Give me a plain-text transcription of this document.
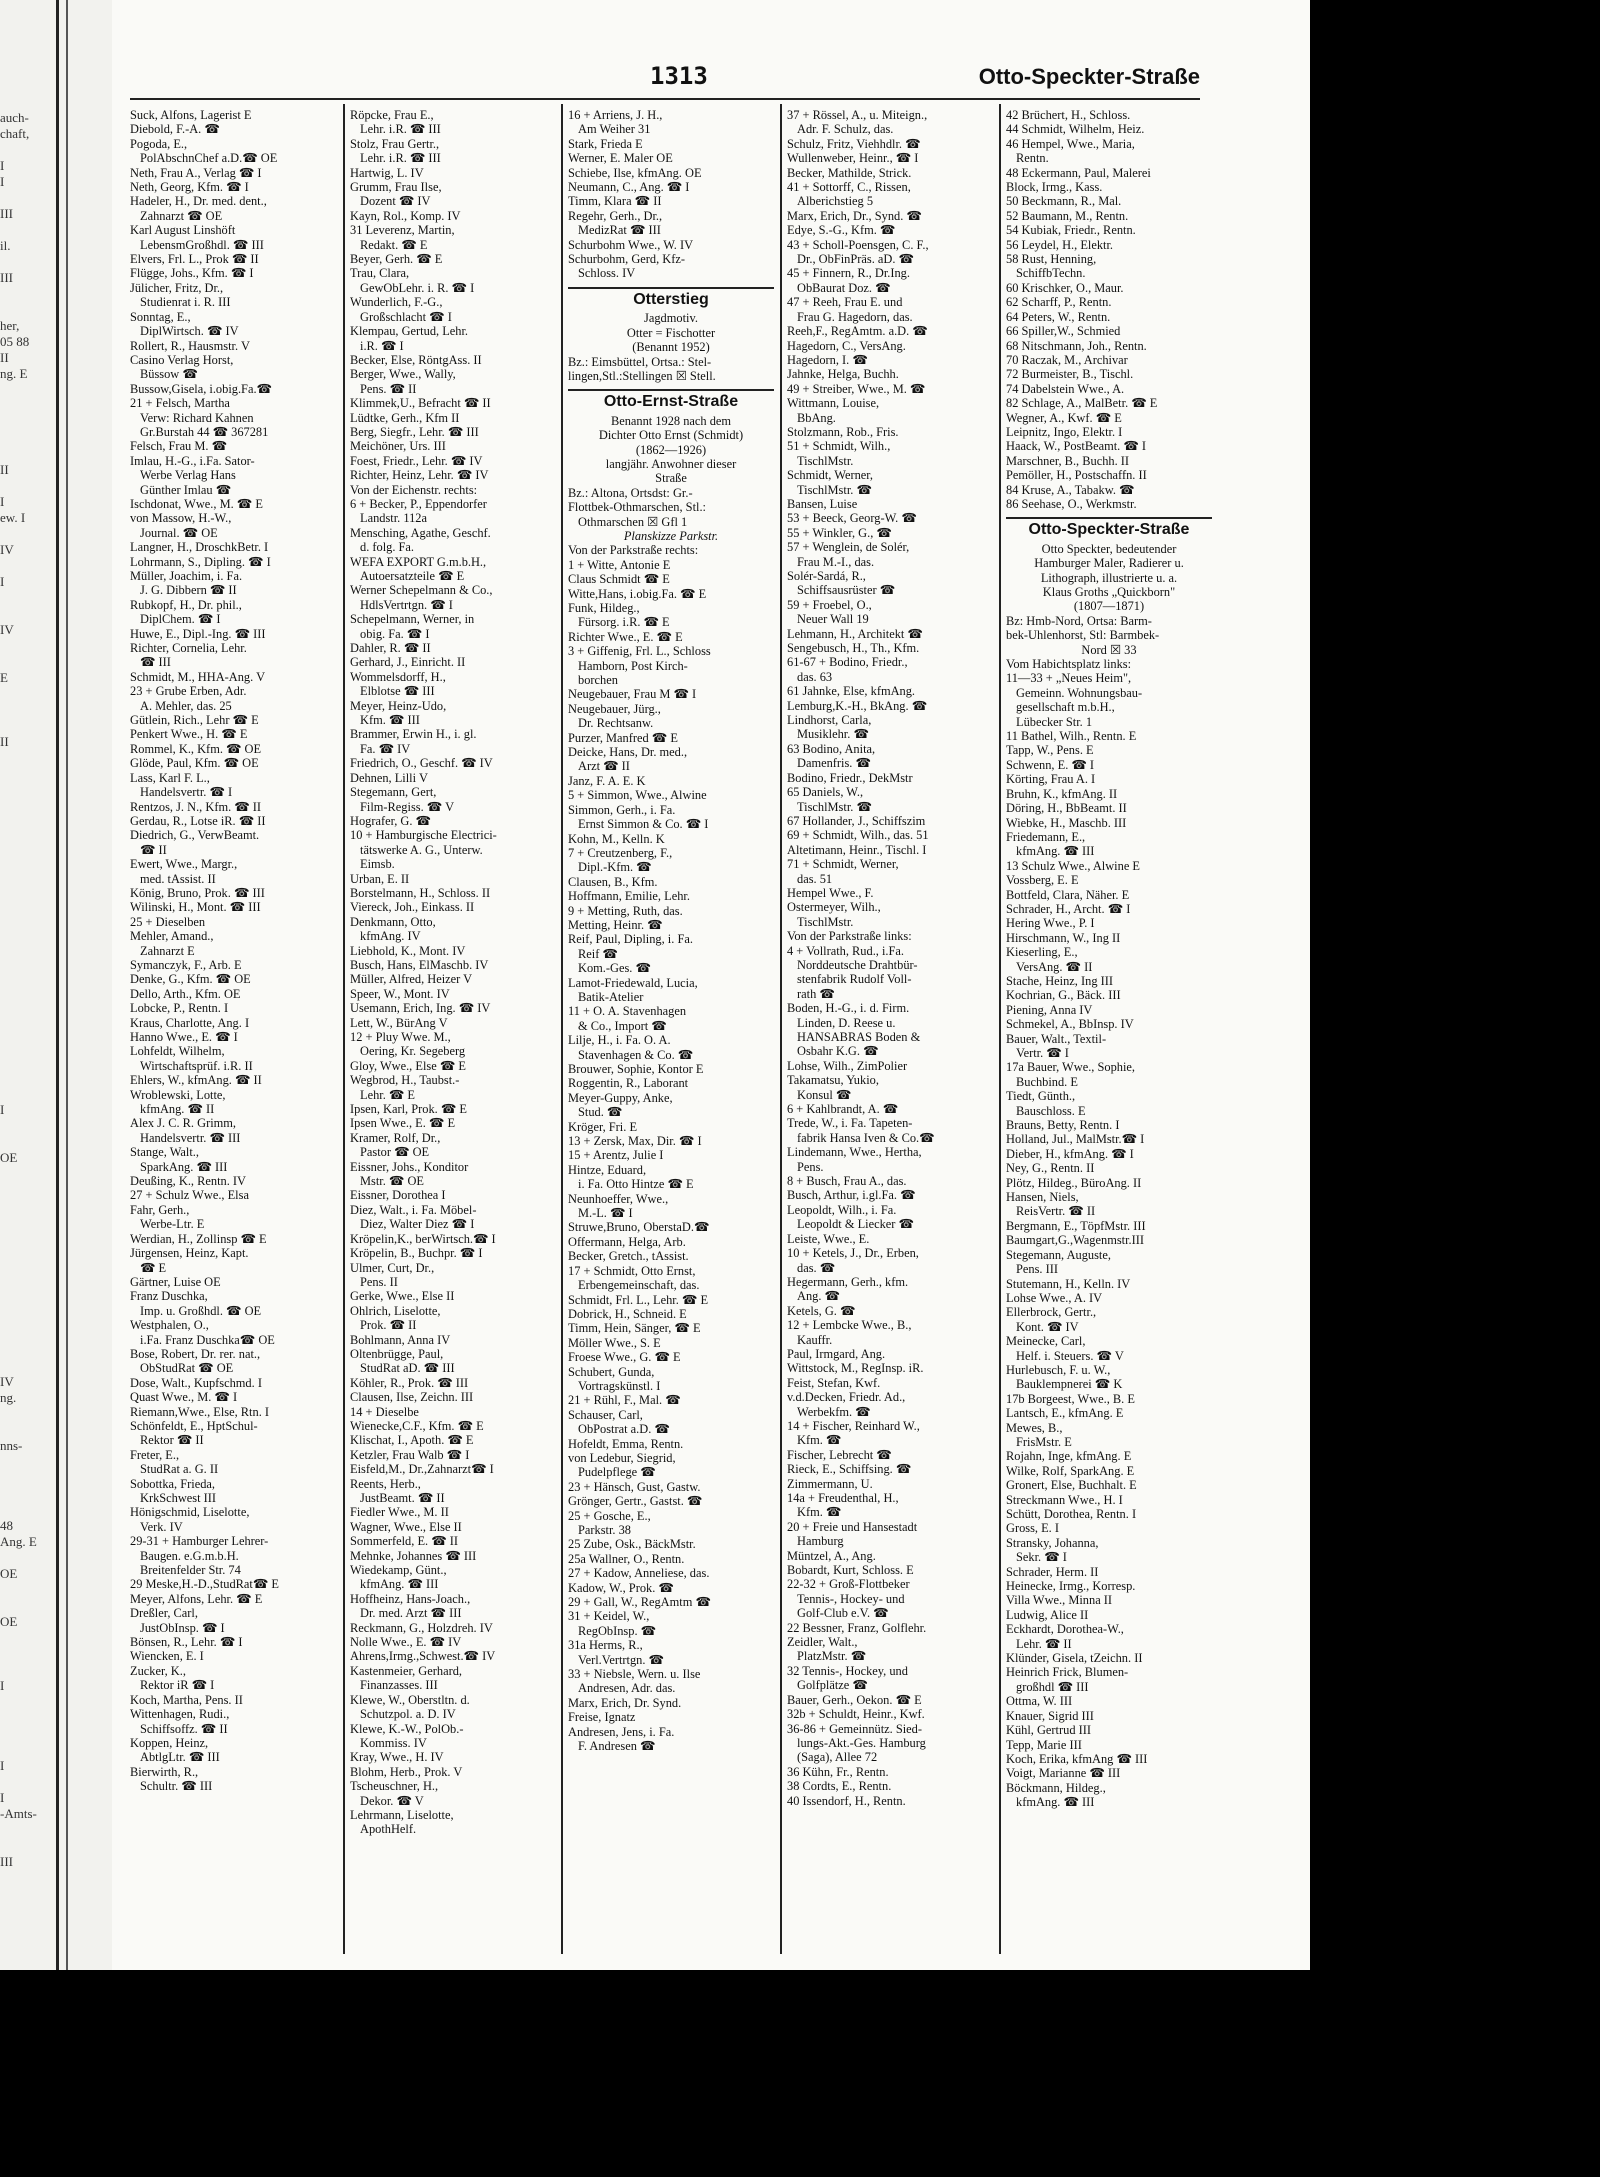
auch-
chaft,

I
I

III

il.

III

her,
05 88
II
ng. E

II

I
ew. I

IV

I

IV

E

II

I

OE

IV
ng.

nns-

48
Ang. E

OE

OE

I

I

I
-Amts-

III

1313	Otto-Speckter-Straße
Suck, Alfons, Lagerist E
Diebold, F.-A. ☎
Pogoda, E.,
PolAbschnChef a.D.☎ OE
Neth, Frau A., Verlag ☎ I
Neth, Georg, Kfm. ☎ I
Hadeler, H., Dr. med. dent.,
Zahnarzt ☎ OE
Karl August Linshöft
LebensmGroßhdl. ☎ III
Elvers, Frl. L., Prok ☎ II
Flügge, Johs., Kfm. ☎ I
Jülicher, Fritz, Dr.,
Studienrat i. R. III
Sonntag, E.,
DiplWirtsch. ☎ IV
Rollert, R., Hausmstr. V
Casino Verlag Horst,
Büssow ☎
Bussow,Gisela, i.obig.Fa.☎
21 + Felsch, Martha
Verw: Richard Kahnen
Gr.Burstah 44 ☎ 367281
Felsch, Frau M. ☎
Imlau, H.-G., i.Fa. Sator-
Werbe Verlag Hans
Günther Imlau ☎
Ischdonat, Wwe., M. ☎ E
von Massow, H.-W.,
Journal. ☎ OE
Langner, H., DroschkBetr. I
Lohrmann, S., Dipling. ☎ I
Müller, Joachim, i. Fa.
J. G. Dibbern ☎ II
Rubkopf, H., Dr. phil.,
DiplChem. ☎ I
Huwe, E., Dipl.-Ing. ☎ III
Richter, Cornelia, Lehr.
☎ III
Schmidt, M., HHA-Ang. V
23 + Grube Erben, Adr.
A. Mehler, das. 25
Gütlein, Rich., Lehr ☎ E
Penkert Wwe., H. ☎ E
Rommel, K., Kfm. ☎ OE
Glöde, Paul, Kfm. ☎ OE
Lass, Karl F. L.,
Handelsvertr. ☎ I
Rentzos, J. N., Kfm. ☎ II
Gerdau, R., Lotse iR. ☎ II
Diedrich, G., VerwBeamt.
☎ II
Ewert, Wwe., Margr.,
med. tAssist. II
König, Bruno, Prok. ☎ III
Wilinski, H., Mont. ☎ III
25 + Dieselben
Mehler, Amand.,
Zahnarzt E
Symanczyk, F., Arb. E
Denke, G., Kfm. ☎ OE
Dello, Arth., Kfm. OE
Lobcke, P., Rentn. I
Kraus, Charlotte, Ang. I
Hanno Wwe., E. ☎ I
Lohfeldt, Wilhelm,
Wirtschaftsprüf. i.R. II
Ehlers, W., kfmAng. ☎ II
Wroblewski, Lotte,
kfmAng. ☎ II
Alex J. C. R. Grimm,
Handelsvertr. ☎ III
Stange, Walt.,
SparkAng. ☎ III
Deußing, K., Rentn. IV
27 + Schulz Wwe., Elsa
Fahr, Gerh.,
Werbe-Ltr. E
Werdian, H., Zollinsp ☎ E
Jürgensen, Heinz, Kapt.
☎ E
Gärtner, Luise OE
Franz Duschka,
Imp. u. Großhdl. ☎ OE
Westphalen, O.,
i.Fa. Franz Duschka☎ OE
Bose, Robert, Dr. rer. nat.,
ObStudRat ☎ OE
Dose, Walt., Kupfschmd. I
Quast Wwe., M. ☎ I
Riemann,Wwe., Else, Rtn. I
Schönfeldt, E., HptSchul-
Rektor ☎ II
Freter, E.,
StudRat a. G. II
Sobottka, Frieda,
KrkSchwest III
Hönigschmid, Liselotte,
Verk. IV
29-31 + Hamburger Lehrer-
Baugen. e.G.m.b.H.
Breitenfelder Str. 74
29 Meske,H.-D.,StudRat☎ E
Meyer, Alfons, Lehr. ☎ E
Dreßler, Carl,
JustObInsp. ☎ I
Bönsen, R., Lehr. ☎ I
Wiencken, E. I
Zucker, K.,
Rektor iR ☎ I
Koch, Martha, Pens. II
Wittenhagen, Rudi.,
Schiffsoffz. ☎ II
Koppen, Heinz,
AbtlgLtr. ☎ III
Bierwirth, R.,
Schultr. ☎ III
Röpcke, Frau E.,
Lehr. i.R. ☎ III
Stolz, Frau Gertr.,
Lehr. i.R. ☎ III
Hartwig, L. IV
Grumm, Frau Ilse,
Dozent ☎ IV
Kayn, Rol., Komp. IV
31 Leverenz, Martin,
Redakt. ☎ E
Beyer, Gerh. ☎ E
Trau, Clara,
GewObLehr. i. R. ☎ I
Wunderlich, F.-G.,
Großschlacht ☎ I
Klempau, Gertud, Lehr.
i.R. ☎ I
Becker, Else, RöntgAss. II
Berger, Wwe., Wally,
Pens. ☎ II
Klimmek,U., Befracht ☎ II
Lüdtke, Gerh., Kfm II
Berg, Siegfr., Lehr. ☎ III
Meichöner, Urs. III
Foest, Friedr., Lehr. ☎ IV
Richter, Heinz, Lehr. ☎ IV
Von der Eichenstr. rechts:
6 + Becker, P., Eppendorfer
Landstr. 112a
Mensching, Agathe, Geschf.
d. folg. Fa.
WEFA EXPORT G.m.b.H.,
Autoersatzteile ☎ E
Werner Schepelmann & Co.,
HdlsVertrtgn. ☎ I
Schepelmann, Werner, in
obig. Fa. ☎ I
Dahler, R. ☎ II
Gerhard, J., Einricht. II
Wommelsdorff, H.,
Elblotse ☎ III
Meyer, Heinz-Udo,
Kfm. ☎ III
Brammer, Erwin H., i. gl.
Fa. ☎ IV
Friedrich, O., Geschf. ☎ IV
Dehnen, Lilli V
Stegemann, Gert,
Film-Regiss. ☎ V
Hografer, G. ☎
10 + Hamburgische Electrici-
tätswerke A. G., Unterw.
Eimsb.
Urban, E. II
Borstelmann, H., Schloss. II
Viereck, Joh., Einkass. II
Denkmann, Otto,
kfmAng. IV
Liebhold, K., Mont. IV
Busch, Hans, ElMaschb. IV
Müller, Alfred, Heizer V
Speer, W., Mont. IV
Usemann, Erich, Ing. ☎ IV
Lett, W., BürAng V
12 + Pluy Wwe. M.,
Oering, Kr. Segeberg
Gloy, Wwe., Else ☎ E
Wegbrod, H., Taubst.-
Lehr. ☎ E
Ipsen, Karl, Prok. ☎ E
Ipsen Wwe., E. ☎ E
Kramer, Rolf, Dr.,
Pastor ☎ OE
Eissner, Johs., Konditor
Mstr. ☎ OE
Eissner, Dorothea I
Diez, Walt., i. Fa. Möbel-
Diez, Walter Diez ☎ I
Kröpelin,K., berWirtsch.☎ I
Kröpelin, B., Buchpr. ☎ I
Ulmer, Curt, Dr.,
Pens. II
Gerke, Wwe., Else II
Ohlrich, Liselotte,
Prok. ☎ II
Bohlmann, Anna IV
Oltenbrügge, Paul,
StudRat aD. ☎ III
Köhler, R., Prok. ☎ III
Clausen, Ilse, Zeichn. III
14 + Dieselbe
Wienecke,C.F., Kfm. ☎ E
Klischat, I., Apoth. ☎ E
Ketzler, Frau Walb ☎ I
Eisfeld,M., Dr.,Zahnarzt☎ I
Reents, Herb.,
JustBeamt. ☎ II
Fiedler Wwe., M. II
Wagner, Wwe., Else II
Sommerfeld, E. ☎ II
Mehnke, Johannes ☎ III
Wiedekamp, Günt.,
kfmAng. ☎ III
Hoffheinz, Hans-Joach.,
Dr. med. Arzt ☎ III
Reckmann, G., Holzdreh. IV
Nolle Wwe., E. ☎ IV
Ahrens,Irmg.,Schwest.☎ IV
Kastenmeier, Gerhard,
Finanzasses. III
Klewe, W., Oberstltn. d.
Schutzpol. a. D. IV
Klewe, K.-W., PolOb.-
Kommiss. IV
Kray, Wwe., H. IV
Blohm, Herb., Prok. V
Tscheuschner, H.,
Dekor. ☎ V
Lehrmann, Liselotte,
ApothHelf.
16 + Arriens, J. H.,
Am Weiher 31
Stark, Frieda E
Werner, E. Maler OE
Schiebe, Ilse, kfmAng. OE
Neumann, C., Ang. ☎ I
Timm, Klara ☎ II
Regehr, Gerh., Dr.,
MedizRat ☎ III
Schurbohm Wwe., W. IV
Schurbohm, Gerd, Kfz-
Schloss. IV
Otterstieg
Jagdmotiv.
Otter = Fischotter
(Benannt 1952)
Bz.: Eimsbüttel, Ortsa.: Stel-
lingen,Stl.:Stellingen ☒ Stell.
Otto-Ernst-Straße
Benannt 1928 nach dem
Dichter Otto Ernst (Schmidt)
(1862—1926)
langjähr. Anwohner dieser
Straße
Bz.: Altona, Ortsdst: Gr.-
Flottbek-Othmarschen, Stl.:
Othmarschen ☒ Gfl 1
Planskizze Parkstr.
Von der Parkstraße rechts:
1 + Witte, Antonie E
Claus Schmidt ☎ E
Witte,Hans, i.obig.Fa. ☎ E
Funk, Hildeg.,
Fürsorg. i.R. ☎ E
Richter Wwe., E. ☎ E
3 + Giffenig, Frl. L., Schloss
Hamborn, Post Kirch-
borchen
Neugebauer, Frau M ☎ I
Neugebauer, Jürg.,
Dr. Rechtsanw.
Purzer, Manfred ☎ E
Deicke, Hans, Dr. med.,
Arzt ☎ II
Janz, F. A. E. K
5 + Simmon, Wwe., Alwine
Simmon, Gerh., i. Fa.
Ernst Simmon & Co. ☎ I
Kohn, M., Kelln. K
7 + Creutzenberg, F.,
Dipl.-Kfm. ☎
Clausen, B., Kfm.
Hoffmann, Emilie, Lehr.
9 + Metting, Ruth, das.
Metting, Heinr. ☎
Reif, Paul, Dipling, i. Fa.
Reif ☎
Kom.-Ges. ☎
Lamot-Friedewald, Lucia,
Batik-Atelier
11 + O. A. Stavenhagen
& Co., Import ☎
Lilje, H., i. Fa. O. A.
Stavenhagen & Co. ☎
Brouwer, Sophie, Kontor E
Roggentin, R., Laborant
Meyer-Guppy, Anke,
Stud. ☎
Kröger, Fri. E
13 + Zersk, Max, Dir. ☎ I
15 + Arentz, Julie I
Hintze, Eduard,
i. Fa. Otto Hintze ☎ E
Neunhoeffer, Wwe.,
M.-L. ☎ I
Struwe,Bruno, OberstaD.☎
Offermann, Helga, Arb.
Becker, Gretch., tAssist.
17 + Schmidt, Otto Ernst,
Erbengemeinschaft, das.
Schmidt, Frl. L., Lehr. ☎ E
Dobrick, H., Schneid. E
Timm, Hein, Sänger, ☎ E
Möller Wwe., S. E
Froese Wwe., G. ☎ E
Schubert, Gunda,
Vortragskünstl. I
21 + Rühl, F., Mal. ☎
Schauser, Carl,
ObPostrat a.D. ☎
Hofeldt, Emma, Rentn.
von Ledebur, Siegrid,
Pudelpflege ☎
23 + Hänsch, Gust, Gastw.
Grönger, Gertr., Gastst. ☎
25 + Gosche, E.,
Parkstr. 38
25 Zube, Osk., BäckMstr.
25a Wallner, O., Rentn.
27 + Kadow, Anneliese, das.
Kadow, W., Prok. ☎
29 + Gall, W., RegAmtm ☎
31 + Keidel, W.,
RegObInsp. ☎
31a Herms, R.,
Verl.Vertrtgn. ☎
33 + Niebsle, Wern. u. Ilse
Andresen, Adr. das.
Marx, Erich, Dr. Synd.
Freise, Ignatz
Andresen, Jens, i. Fa.
F. Andresen ☎
37 + Rössel, A., u. Miteign.,
Adr. F. Schulz, das.
Schulz, Fritz, Viehhdlr. ☎
Wullenweber, Heinr., ☎ I
Becker, Mathilde, Strick.
41 + Sottorff, C., Rissen,
Alberichstieg 5
Marx, Erich, Dr., Synd. ☎
Edye, S.-G., Kfm. ☎
43 + Scholl-Poensgen, C. F.,
Dr., ObFinPräs. aD. ☎
45 + Finnern, R., Dr.Ing.
ObBaurat Doz. ☎
47 + Reeh, Frau E. und
Frau G. Hagedorn, das.
Reeh,F., RegAmtm. a.D. ☎
Hagedorn, C., VersAng.
Hagedorn, I. ☎
Jahnke, Helga, Buchh.
49 + Streiber, Wwe., M. ☎
Wittmann, Louise,
BbAng.
Stolzmann, Rob., Fris.
51 + Schmidt, Wilh.,
TischlMstr.
Schmidt, Werner,
TischlMstr. ☎
Bansen, Luise
53 + Beeck, Georg-W. ☎
55 + Winkler, G., ☎
57 + Wenglein, de Solér,
Frau M.-I., das.
Solér-Sardá, R.,
Schiffsausrüster ☎
59 + Froebel, O.,
Neuer Wall 19
Lehmann, H., Architekt ☎
Sengebusch, H., Th., Kfm.
61-67 + Bodino, Friedr.,
das. 63
61 Jahnke, Else, kfmAng.
Lemburg,K.-H., BkAng. ☎
Lindhorst, Carla,
Musiklehr. ☎
63 Bodino, Anita,
Damenfris. ☎
Bodino, Friedr., DekMstr
65 Daniels, W.,
TischlMstr. ☎
67 Hollander, J., Schiffszim
69 + Schmidt, Wilh., das. 51
Altetimann, Heinr., Tischl. I
71 + Schmidt, Werner,
das. 51
Hempel Wwe., F.
Ostermeyer, Wilh.,
TischlMstr.
Von der Parkstraße links:
4 + Vollrath, Rud., i.Fa.
Norddeutsche Drahtbür-
stenfabrik Rudolf Voll-
rath ☎
Boden, H.-G., i. d. Firm.
Linden, D. Reese u.
HANSABRAS Boden &
Osbahr K.G. ☎
Lohse, Wilh., ZimPolier
Takamatsu, Yukio,
Konsul ☎
6 + Kahlbrandt, A. ☎
Trede, W., i. Fa. Tapeten-
fabrik Hansa Iven & Co.☎
Lindemann, Wwe., Hertha,
Pens.
8 + Busch, Frau A., das.
Busch, Arthur, i.gl.Fa. ☎
Leopoldt, Wilh., i. Fa.
Leopoldt & Liecker ☎
Leiste, Wwe., E.
10 + Ketels, J., Dr., Erben,
das. ☎
Hegermann, Gerh., kfm.
Ang. ☎
Ketels, G. ☎
12 + Lembcke Wwe., B.,
Kauffr.
Paul, Irmgard, Ang.
Wittstock, M., RegInsp. iR.
Feist, Stefan, Kwf.
v.d.Decken, Friedr. Ad.,
Werbekfm. ☎
14 + Fischer, Reinhard W.,
Kfm. ☎
Fischer, Lebrecht ☎
Rieck, E., Schiffsing. ☎
Zimmermann, U.
14a + Freudenthal, H.,
Kfm. ☎
20 + Freie und Hansestadt
Hamburg
Müntzel, A., Ang.
Bobardt, Kurt, Schloss. E
22-32 + Groß-Flottbeker
Tennis-, Hockey- und
Golf-Club e.V. ☎
22 Bessner, Franz, Golflehr.
Zeidler, Walt.,
PlatzMstr. ☎
32 Tennis-, Hockey, und
Golfplätze ☎
Bauer, Gerh., Oekon. ☎ E
32b + Schuldt, Heinr., Kwf.
36-86 + Gemeinnütz. Sied-
lungs-Akt.-Ges. Hamburg
(Saga), Allee 72
36 Kühn, Fr., Rentn.
38 Cordts, E., Rentn.
40 Issendorf, H., Rentn.
42 Brüchert, H., Schloss.
44 Schmidt, Wilhelm, Heiz.
46 Hempel, Wwe., Maria,
Rentn.
48 Eckermann, Paul, Malerei
Block, Irmg., Kass.
50 Beckmann, R., Mal.
52 Baumann, M., Rentn.
54 Kubiak, Friedr., Rentn.
56 Leydel, H., Elektr.
58 Rust, Henning,
SchiffbTechn.
60 Krischker, O., Maur.
62 Scharff, P., Rentn.
64 Peters, W., Rentn.
66 Spiller,W., Schmied
68 Nitschmann, Joh., Rentn.
70 Raczak, M., Archivar
72 Burmeister, B., Tischl.
74 Dabelstein Wwe., A.
82 Schlage, A., MalBetr. ☎ E
Wegner, A., Kwf. ☎ E
Leipnitz, Ingo, Elektr. I
Haack, W., PostBeamt. ☎ I
Marschner, B., Buchh. II
Pemöller, H., Postschaffn. II
84 Kruse, A., Tabakw. ☎
86 Seehase, O., Werkmstr.
Otto-Speckter-Straße
Otto Speckter, bedeutender
Hamburger Maler, Radierer u.
Lithograph, illustrierte u. a.
Klaus Groths „Quickborn"
(1807—1871)
Bz: Hmb-Nord, Ortsa: Barm-
bek-Uhlenhorst, Stl: Barmbek-
Nord ☒ 33
Vom Habichtsplatz links:
11—33 + „Neues Heim",
Gemeinn. Wohnungsbau-
gesellschaft m.b.H.,
Lübecker Str. 1
11 Bathel, Wilh., Rentn. E
Tapp, W., Pens. E
Schwenn, E. ☎ I
Körting, Frau A. I
Bruhn, K., kfmAng. II
Döring, H., BbBeamt. II
Wiebke, H., Maschb. III
Friedemann, E.,
kfmAng. ☎ III
13 Schulz Wwe., Alwine E
Vossberg, E. E
Bottfeld, Clara, Näher. E
Schrader, H., Archt. ☎ I
Hering Wwe., P. I
Hirschmann, W., Ing II
Kieserling, E.,
VersAng. ☎ II
Stache, Heinz, Ing III
Kochrian, G., Bäck. III
Piening, Anna IV
Schmekel, A., BbInsp. IV
Bauer, Walt., Textil-
Vertr. ☎ I
17a Bauer, Wwe., Sophie,
Buchbind. E
Tiedt, Günth.,
Bauschloss. E
Brauns, Betty, Rentn. I
Holland, Jul., MalMstr.☎ I
Dieber, H., kfmAng. ☎ I
Ney, G., Rentn. II
Plötz, Hildeg., BüroAng. II
Hansen, Niels,
ReisVertr. ☎ II
Bergmann, E., TöpfMstr. III
Baumgart,G.,Wagenmstr.III
Stegemann, Auguste,
Pens. III
Stutemann, H., Kelln. IV
Lohse Wwe., A. IV
Ellerbrock, Gertr.,
Kont. ☎ IV
Meinecke, Carl,
Helf. i. Steuers. ☎ V
Hurlebusch, F. u. W.,
Bauklempnerei ☎ K
17b Borgeest, Wwe., B. E
Lantsch, E., kfmAng. E
Mewes, B.,
FrisMstr. E
Rojahn, Inge, kfmAng. E
Wilke, Rolf, SparkAng. E
Gronert, Else, Buchhalt. E
Streckmann Wwe., H. I
Schütt, Dorothea, Rentn. I
Gross, E. I
Stransky, Johanna,
Sekr. ☎ I
Schrader, Herm. II
Heinecke, Irmg., Korresp.
Villa Wwe., Minna II
Ludwig, Alice II
Eckhardt, Dorothea-W.,
Lehr. ☎ II
Klünder, Gisela, tZeichn. II
Heinrich Frick, Blumen-
großhdl ☎ III
Ottma, W. III
Knauer, Sigrid III
Kühl, Gertrud III
Tepp, Marie III
Koch, Erika, kfmAng ☎ III
Voigt, Marianne ☎ III
Böckmann, Hildeg.,
kfmAng. ☎ III
